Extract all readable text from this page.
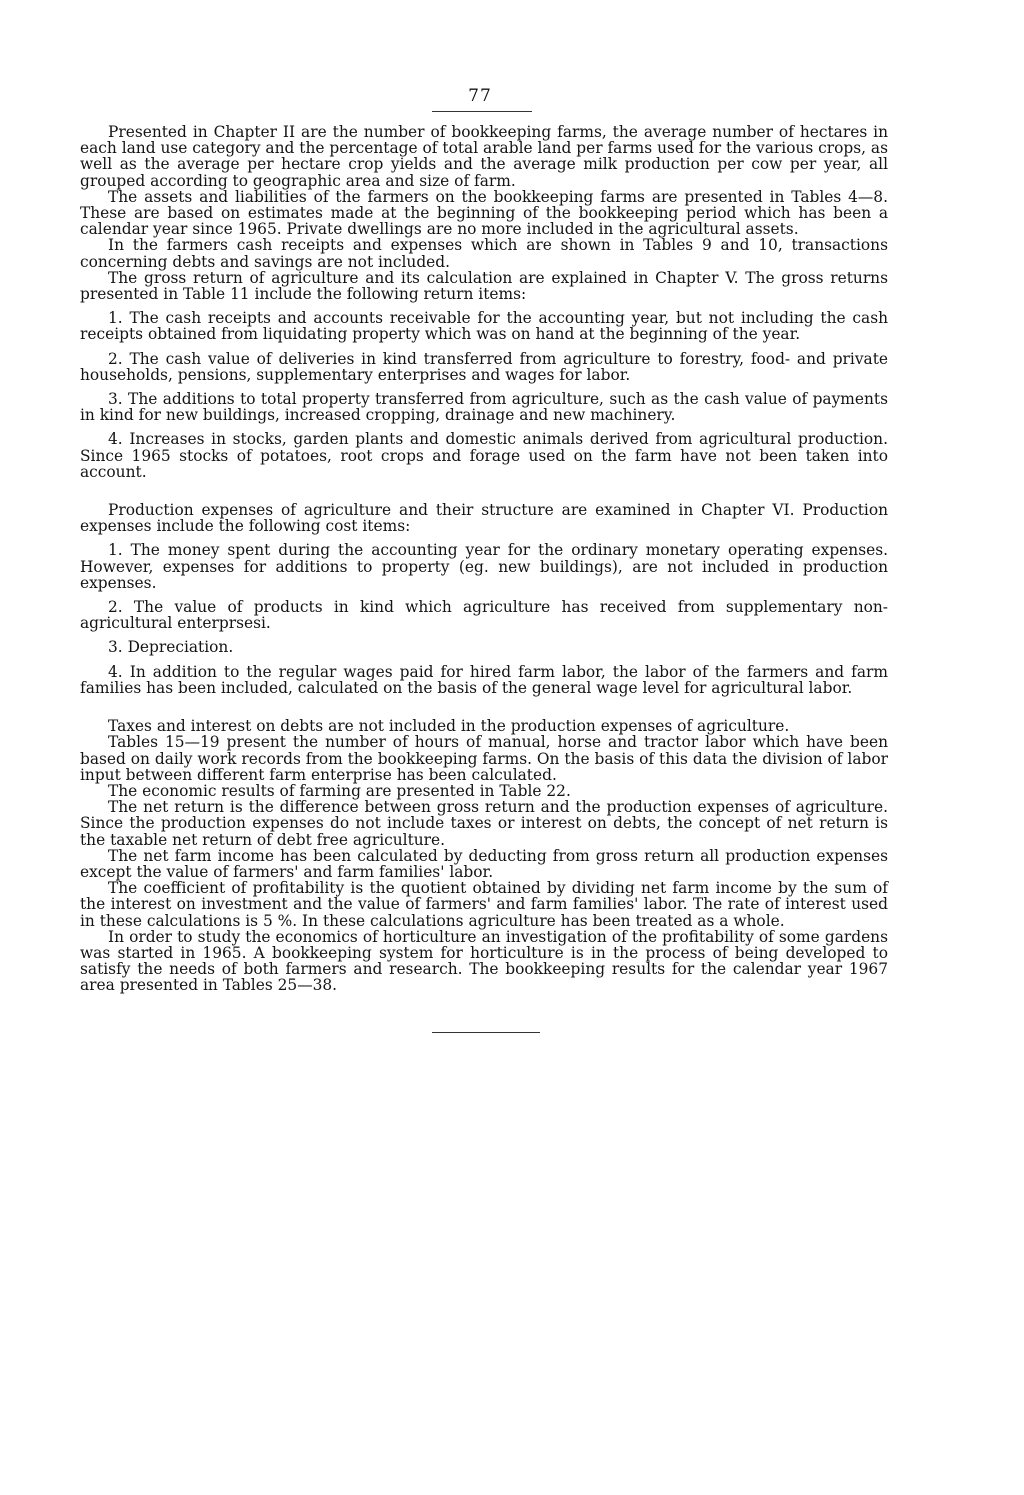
77

Presented in Chapter II are the number of bookkeeping farms, the average number of hectares in each land use category and the percentage of total arable land per farms used for the various crops, as well as the average per hectare crop yields and the average milk production per cow per year, all grouped according to geographic area and size of farm.

The assets and liabilities of the farmers on the bookkeeping farms are presented in Tables 4—8. These are based on estimates made at the beginning of the bookkeeping period which has been a calendar year since 1965. Private dwellings are no more included in the agricultural assets.

In the farmers cash receipts and expenses which are shown in Tables 9 and 10, transactions concerning debts and savings are not included.

The gross return of agriculture and its calculation are explained in Chapter V. The gross returns presented in Table 11 include the following return items:

1. The cash receipts and accounts receivable for the accounting year, but not including the cash receipts obtained from liquidating property which was on hand at the beginning of the year.

2. The cash value of deliveries in kind transferred from agriculture to forestry, food- and private households, pensions, supplementary enterprises and wages for labor.

3. The additions to total property transferred from agriculture, such as the cash value of payments in kind for new buildings, increased cropping, drainage and new machinery.

4. Increases in stocks, garden plants and domestic animals derived from agricultural production. Since 1965 stocks of potatoes, root crops and forage used on the farm have not been taken into account.

Production expenses of agriculture and their structure are examined in Chapter VI. Production expenses include the following cost items:

1. The money spent during the accounting year for the ordinary monetary operating expenses. However, expenses for additions to property (eg. new buildings), are not included in production expenses.

2. The value of products in kind which agriculture has received from supplementary non-agricultural enterprsesi.

3. Depreciation.

4. In addition to the regular wages paid for hired farm labor, the labor of the farmers and farm families has been included, calculated on the basis of the general wage level for agricultural labor.

Taxes and interest on debts are not included in the production expenses of agriculture.

Tables 15—19 present the number of hours of manual, horse and tractor labor which have been based on daily work records from the bookkeeping farms. On the basis of this data the division of labor input between different farm enterprise has been calculated.

The economic results of farming are presented in Table 22.

The net return is the difference between gross return and the production expenses of agriculture. Since the production expenses do not include taxes or interest on debts, the concept of net return is the taxable net return of debt free agriculture.

The net farm income has been calculated by deducting from gross return all production expenses except the value of farmers' and farm families' labor.

The coefficient of profitability is the quotient obtained by dividing net farm income by the sum of the interest on investment and the value of farmers' and farm families' labor. The rate of interest used in these calculations is 5 %. In these calculations agriculture has been treated as a whole.

In order to study the economics of horticulture an investigation of the profitability of some gardens was started in 1965. A bookkeeping system for horticulture is in the process of being developed to satisfy the needs of both farmers and research. The bookkeeping results for the calendar year 1967 area presented in Tables 25—38.
